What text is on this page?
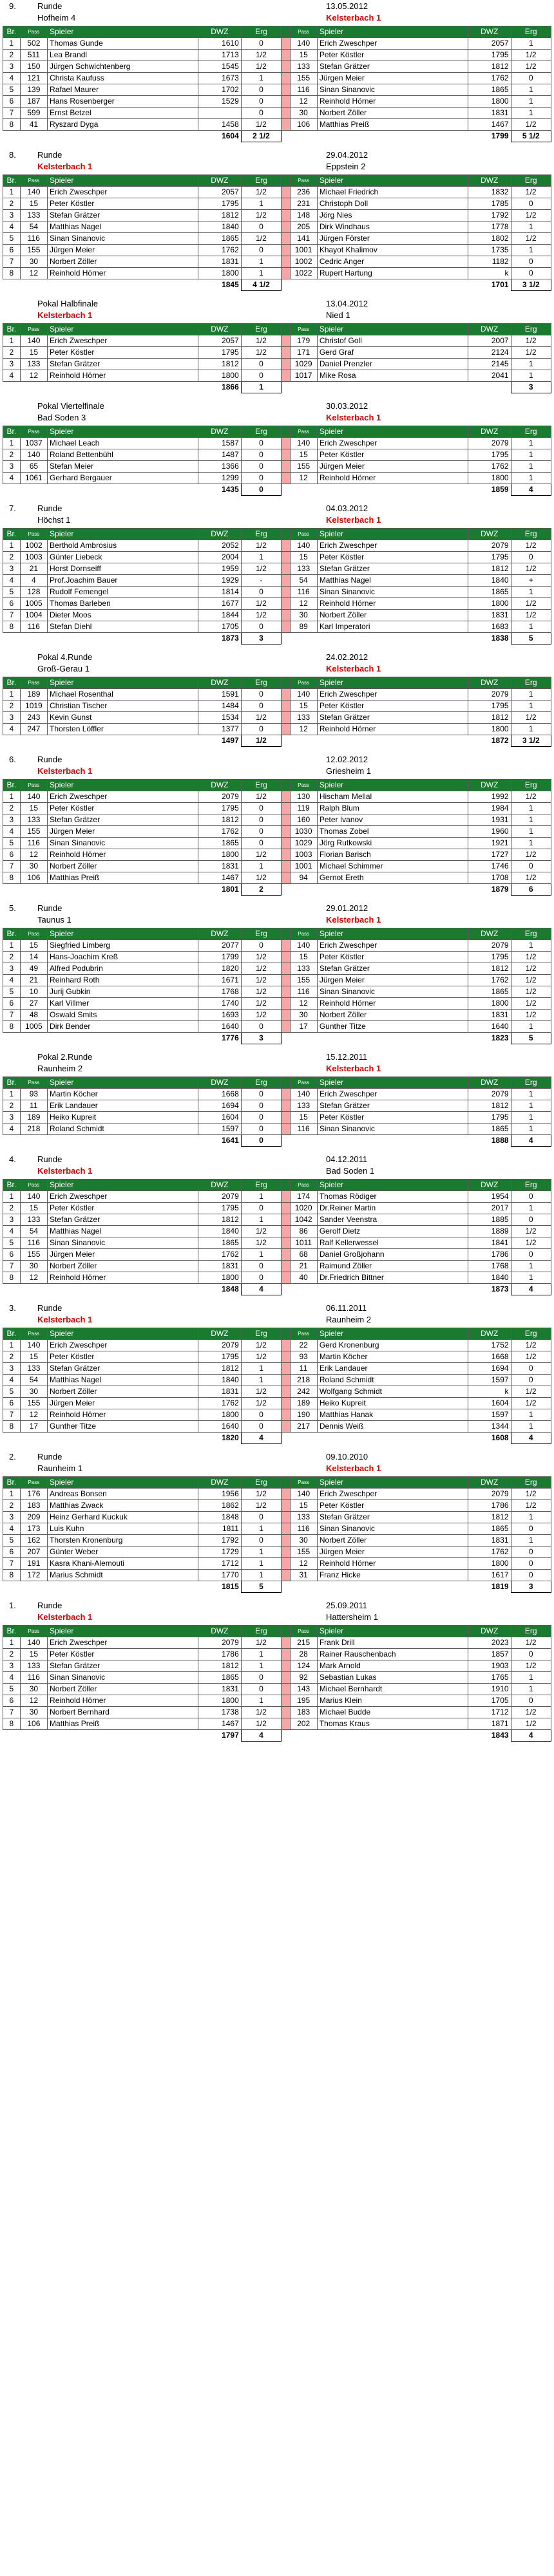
9.	Runde	13.05.2012
Hofheim 4	Kelsterbach 1
Br.	Pass	Spieler	DWZ	Erg		Pass	Spieler	DWZ	Erg
1	502	Thomas Gunde	1610	0		140	Erich Zweschper	2057	1
2	511	Lea Brandl	1713	1/2		15	Peter Köstler	1795	1/2
3	150	Jürgen Schwichtenberg	1545	1/2		133	Stefan Grätzer	1812	1/2
4	121	Christa Kaufuss	1673	1		155	Jürgen Meier	1762	0
5	139	Rafael Maurer	1702	0		116	Sinan Sinanovic	1865	1
6	187	Hans Rosenberger	1529	0		12	Reinhold Hörner	1800	1
7	599	Ernst Betzel		0		30	Norbert Zöller	1831	1
8	41	Ryszard Dyga	1458	1/2		106	Matthias Preiß	1467	1/2
			1604	2 1/2				1799	5 1/2
8.	Runde	29.04.2012
Kelsterbach 1	Eppstein 2
Br.	Pass	Spieler	DWZ	Erg		Pass	Spieler	DWZ	Erg
1	140	Erich Zweschper	2057	1/2		236	Michael Friedrich	1832	1/2
2	15	Peter Köstler	1795	1		231	Christoph Doll	1785	0
3	133	Stefan Grätzer	1812	1/2		148	Jörg Nies	1792	1/2
4	54	Matthias Nagel	1840	0		205	Dirk Windhaus	1778	1
5	116	Sinan Sinanovic	1865	1/2		141	Jürgen Förster	1802	1/2
6	155	Jürgen Meier	1762	0		1001	Khayot Khalimov	1735	1
7	30	Norbert Zöller	1831	1		1002	Cedric Anger	1182	0
8	12	Reinhold Hörner	1800	1		1022	Rupert Hartung	k	0
			1845	4 1/2				1701	3 1/2
Pokal Halbfinale	13.04.2012
Kelsterbach 1	Nied 1
Br.	Pass	Spieler	DWZ	Erg		Pass	Spieler	DWZ	Erg
1	140	Erich Zweschper	2057	1/2		179	Christof Goll	2007	1/2
2	15	Peter Köstler	1795	1/2		171	Gerd Graf	2124	1/2
3	133	Stefan Grätzer	1812	0		1029	Daniel Prenzler	2145	1
4	12	Reinhold Hörner	1800	0		1017	Mike Rosa	2041	1
			1866	1					3
Pokal Viertelfinale	30.03.2012
Bad Soden 3	Kelsterbach 1
Br.	Pass	Spieler	DWZ	Erg		Pass	Spieler	DWZ	Erg
1	1037	Michael Leach	1587	0		140	Erich Zweschper	2079	1
2	140	Roland Bettenbühl	1487	0		15	Peter Köstler	1795	1
3	65	Stefan Meier	1366	0		155	Jürgen Meier	1762	1
4	1061	Gerhard Bergauer	1299	0		12	Reinhold Hörner	1800	1
			1435	0				1859	4
7.	Runde	04.03.2012
Höchst 1	Kelsterbach 1
Br.	Pass	Spieler	DWZ	Erg		Pass	Spieler	DWZ	Erg
1	1002	Berthold Ambrosius	2052	1/2		140	Erich Zweschper	2079	1/2
2	1003	Günter Liebeck	2004	1		15	Peter Köstler	1795	0
3	21	Horst Dornseiff	1959	1/2		133	Stefan Grätzer	1812	1/2
4	4	Prof.Joachim Bauer	1929	-		54	Matthias Nagel	1840	+
5	128	Rudolf Femengel	1814	0		116	Sinan Sinanovic	1865	1
6	1005	Thomas Barleben	1677	1/2		12	Reinhold Hörner	1800	1/2
7	1004	Dieter Moos	1844	1/2		30	Norbert Zöller	1831	1/2
8	116	Stefan Diehl	1705	0		89	Karl Imperatori	1683	1
			1873	3				1838	5
Pokal 4.Runde	24.02.2012
Groß-Gerau 1	Kelsterbach 1
Br.	Pass	Spieler	DWZ	Erg		Pass	Spieler	DWZ	Erg
1	189	Michael Rosenthal	1591	0		140	Erich Zweschper	2079	1
2	1019	Christian Tischer	1484	0		15	Peter Köstler	1795	1
3	243	Kevin Gunst	1534	1/2		133	Stefan Grätzer	1812	1/2
4	247	Thorsten Löffler	1377	0		12	Reinhold Hörner	1800	1
			1497	1/2				1872	3 1/2
6.	Runde	12.02.2012
Kelsterbach 1	Griesheim 1
Br.	Pass	Spieler	DWZ	Erg		Pass	Spieler	DWZ	Erg
1	140	Erich Zweschper	2079	1/2		130	Hischam Mellal	1992	1/2
2	15	Peter Köstler	1795	0		119	Ralph Blum	1984	1
3	133	Stefan Grätzer	1812	0		160	Peter Ivanov	1931	1
4	155	Jürgen Meier	1762	0		1030	Thomas Zobel	1960	1
5	116	Sinan Sinanovic	1865	0		1029	Jörg Rutkowski	1921	1
6	12	Reinhold Hörner	1800	1/2		1003	Florian Barisch	1727	1/2
7	30	Norbert Zöller	1831	1		1001	Michael Schimmer	1746	0
8	106	Matthias Preiß	1467	1/2		94	Gernot Ereth	1708	1/2
			1801	2				1879	6
5.	Runde	29.01.2012
Taunus 1	Kelsterbach 1
Br.	Pass	Spieler	DWZ	Erg		Pass	Spieler	DWZ	Erg
1	15	Siegfried Limberg	2077	0		140	Erich Zweschper	2079	1
2	14	Hans-Joachim Kreß	1799	1/2		15	Peter Köstler	1795	1/2
3	49	Alfred Podubrin	1820	1/2		133	Stefan Grätzer	1812	1/2
4	21	Reinhard Roth	1671	1/2		155	Jürgen Meier	1762	1/2
5	10	Jurij Gubkin	1768	1/2		116	Sinan Sinanovic	1865	1/2
6	27	Karl Villmer	1740	1/2		12	Reinhold Hörner	1800	1/2
7	48	Oswald Smits	1693	1/2		30	Norbert Zöller	1831	1/2
8	1005	Dirk Bender	1640	0		17	Gunther Titze	1640	1
			1776	3				1823	5
Pokal 2.Runde	15.12.2011
Raunheim 2	Kelsterbach 1
Br.	Pass	Spieler	DWZ	Erg		Pass	Spieler	DWZ	Erg
1	93	Martin Köcher	1668	0		140	Erich Zweschper	2079	1
2	11	Erik Landauer	1694	0		133	Stefan Grätzer	1812	1
3	189	Heiko Kupreit	1604	0		15	Peter Köstler	1795	1
4	218	Roland Schmidt	1597	0		116	Sinan Sinanovic	1865	1
			1641	0				1888	4
4.	Runde	04.12.2011
Kelsterbach 1	Bad Soden 1
Br.	Pass	Spieler	DWZ	Erg		Pass	Spieler	DWZ	Erg
1	140	Erich Zweschper	2079	1		174	Thomas Rödiger	1954	0
2	15	Peter Köstler	1795	0		1020	Dr.Reiner Martin	2017	1
3	133	Stefan Grätzer	1812	1		1042	Sander Veenstra	1885	0
4	54	Matthias Nagel	1840	1/2		86	Gerolf Dietz	1889	1/2
5	116	Sinan Sinanovic	1865	1/2		1011	Ralf Kellerwessel	1841	1/2
6	155	Jürgen Meier	1762	1		68	Daniel Großjohann	1786	0
7	30	Norbert Zöller	1831	0		21	Raimund Zöller	1768	1
8	12	Reinhold Hörner	1800	0		40	Dr.Friedrich Bittner	1840	1
			1848	4				1873	4
3.	Runde	06.11.2011
Kelsterbach 1	Raunheim 2
Br.	Pass	Spieler	DWZ	Erg		Pass	Spieler	DWZ	Erg
1	140	Erich Zweschper	2079	1/2		22	Gerd Kronenburg	1752	1/2
2	15	Peter Köstler	1795	1/2		93	Martin Köcher	1668	1/2
3	133	Stefan Grätzer	1812	1		11	Erik Landauer	1694	0
4	54	Matthias Nagel	1840	1		218	Roland Schmidt	1597	0
5	30	Norbert Zöller	1831	1/2		242	Wolfgang Schmidt	k	1/2
6	155	Jürgen Meier	1762	1/2		189	Heiko Kupreit	1604	1/2
7	12	Reinhold Hörner	1800	0		190	Matthias Hanak	1597	1
8	17	Gunther Titze	1640	0		217	Dennis Weiß	1344	1
			1820	4				1608	4
2.	Runde	09.10.2010
Raunheim 1	Kelsterbach 1
Br.	Pass	Spieler	DWZ	Erg		Pass	Spieler	DWZ	Erg
1	176	Andreas Bonsen	1956	1/2		140	Erich Zweschper	2079	1/2
2	183	Matthias Zwack	1862	1/2		15	Peter Köstler	1786	1/2
3	209	Heinz Gerhard Kuckuk	1848	0		133	Stefan Grätzer	1812	1
4	173	Luis Kuhn	1811	1		116	Sinan Sinanovic	1865	0
5	162	Thorsten Kronenburg	1792	0		30	Norbert Zöller	1831	1
6	207	Günter Weber	1729	1		155	Jürgen Meier	1762	0
7	191	Kasra Khani-Alemouti	1712	1		12	Reinhold Hörner	1800	0
8	172	Marius Schmidt	1770	1		31	Franz Hicke	1617	0
			1815	5				1819	3
1.	Runde	25.09.2011
Kelsterbach 1	Hattersheim 1
Br.	Pass	Spieler	DWZ	Erg		Pass	Spieler	DWZ	Erg
1	140	Erich Zweschper	2079	1/2		215	Frank Drill	2023	1/2
2	15	Peter Köstler	1786	1		28	Rainer Rauschenbach	1857	0
3	133	Stefan Grätzer	1812	1		124	Mark Arnold	1903	1/2
4	116	Sinan Sinanovic	1865	0		92	Sebastian Lukas	1765	1
5	30	Norbert Zöller	1831	0		143	Michael Bernhardt	1910	1
6	12	Reinhold Hörner	1800	1		195	Marius Klein	1705	0
7	30	Norbert Bernhard	1738	1/2		183	Michael Budde	1712	1/2
8	106	Matthias Preiß	1467	1/2		202	Thomas Kraus	1871	1/2
			1797	4				1843	4
